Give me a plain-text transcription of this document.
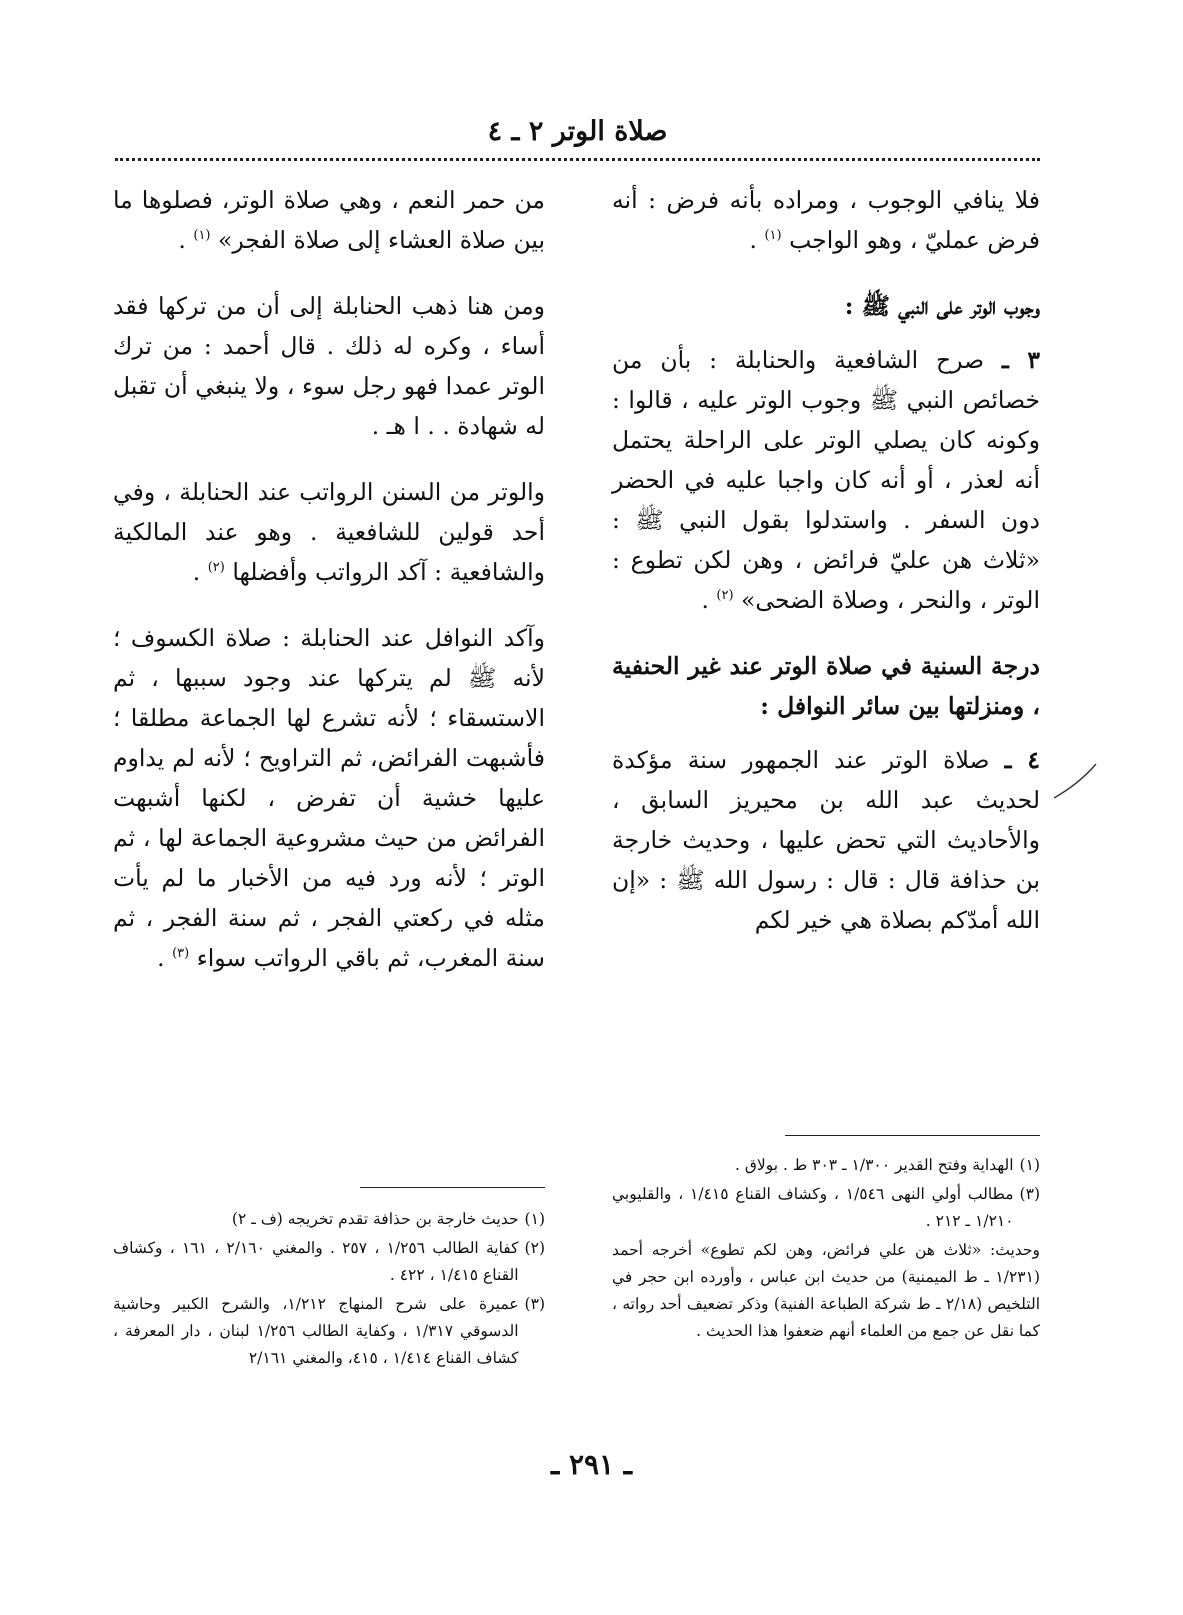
صلاة الوتر ٢ ـ ٤

فلا ينافي الوجوب ، ومراده بأنه فرض : أنه فرض عمليّ ، وهو الواجب $^{(١)}$ .

وجوب الوتر على النبي ﷺ :

٣ ـ صرح الشافعية والحنابلة : بأن من خصائص النبي ﷺ وجوب الوتر عليه ، قالوا : وكونه كان يصلي الوتر على الراحلة يحتمل أنه لعذر ، أو أنه كان واجبا عليه في الحضر دون السفر . واستدلوا بقول النبي ﷺ : «ثلاث هن عليّ فرائض ، وهن لكن تطوع : الوتر ، والنحر ، وصلاة الضحى» $^{(٢)}$ .

درجة السنية في صلاة الوتر عند غير الحنفية ، ومنزلتها بين سائر النوافل :

٤ ـ صلاة الوتر عند الجمهور سنة مؤكدة لحديث عبد الله بن محيريز السابق ، والأحاديث التي تحض عليها ، وحديث خارجة بن حذافة قال : قال : رسول الله ﷺ : «إن الله أمدّكم بصلاة هي خير لكم

من حمر النعم ، وهي صلاة الوتر، فصلوها ما بين صلاة العشاء إلى صلاة الفجر» $^{(١)}$ .

ومن هنا ذهب الحنابلة إلى أن من تركها فقد أساء ، وكره له ذلك . قال أحمد : من ترك الوتر عمدا فهو رجل سوء ، ولا ينبغي أن تقبل له شهادة . . ا هـ .

والوتر من السنن الرواتب عند الحنابلة ، وفي أحد قولين للشافعية . وهو عند المالكية والشافعية : آكد الرواتب وأفضلها $^{(٢)}$ .

وآكد النوافل عند الحنابلة : صلاة الكسوف ؛ لأنه ﷺ لم يتركها عند وجود سببها ، ثم الاستسقاء ؛ لأنه تشرع لها الجماعة مطلقا ؛ فأشبهت الفرائض، ثم التراويح ؛ لأنه لم يداوم عليها خشية أن تفرض ، لكنها أشبهت الفرائض من حيث مشروعية الجماعة لها ، ثم الوتر ؛ لأنه ورد فيه من الأخبار ما لم يأت مثله في ركعتي الفجر ، ثم سنة الفجر ، ثم سنة المغرب، ثم باقي الرواتب سواء $^{(٣)}$ .

(١)
الهداية وفتح القدير ١/٣٠٠ ـ ٣٠٣ ط . بولاق .
(٣)
مطالب أولي النهى ١/٥٤٦ ، وكشاف القناع ١/٤١٥ ، والقليوبي ١/٢١٠ ـ ٢١٢ .

وحديث: «ثلاث هن علي فرائض، وهن لكم تطوع» أخرجه أحمد (١/٢٣١ ـ ط الميمنية) من حديث ابن عباس ، وأورده ابن حجر في التلخيص (٢/١٨ ـ ط شركة الطباعة الفنية) وذكر تضعيف أحد رواته ، كما نقل عن جمع من العلماء أنهم ضعفوا هذا الحديث .

(١)
حديث خارجة بن حذافة تقدم تخريجه (ف ـ ٢)
(٢)
كفاية الطالب ١/٢٥٦ ، ٢٥٧ . والمغني ٢/١٦٠ ، ١٦١ ، وكشاف القناع ١/٤١٥ ، ٤٢٢ .
(٣)
عميرة على شرح المنهاج ١/٢١٢، والشرح الكبير وحاشية الدسوقي ١/٣١٧ ، وكفاية الطالب ١/٢٥٦ لبنان ، دار المعرفة ، كشاف القناع ١/٤١٤ ، ٤١٥، والمغني ٢/١٦١
ـ ٢٩١ ـ
